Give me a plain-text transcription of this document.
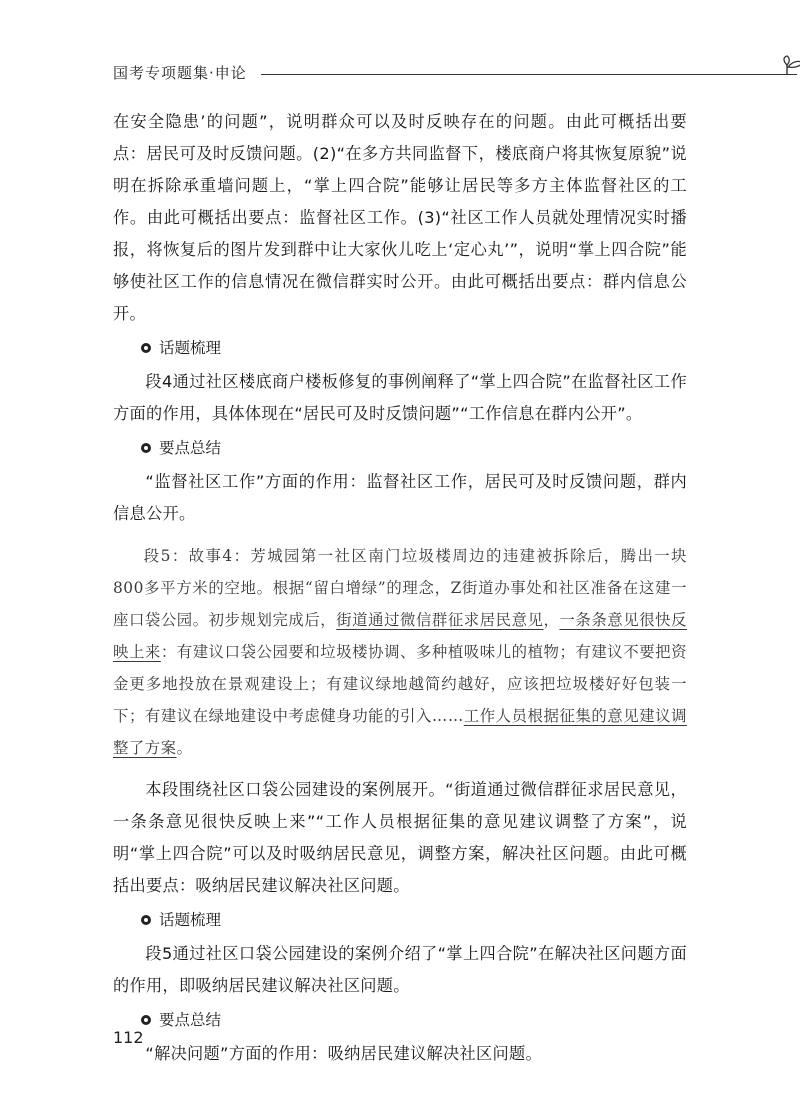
国考专项题集·申论

在安全隐患’的问题”，说明群众可以及时反映存在的问题。由此可概括出要点：居民可及时反馈问题。(2)“在多方共同监督下，楼底商户将其恢复原貌”说明在拆除承重墙问题上，“掌上四合院”能够让居民等多方主体监督社区的工作。由此可概括出要点：监督社区工作。(3)“社区工作人员就处理情况实时播报，将恢复后的图片发到群中让大家伙儿吃上‘定心丸’”，说明“掌上四合院”能够使社区工作的信息情况在微信群实时公开。由此可概括出要点：群内信息公开。

话题梳理

段4通过社区楼底商户楼板修复的事例阐释了“掌上四合院”在监督社区工作方面的作用，具体体现在“居民可及时反馈问题”“工作信息在群内公开”。

要点总结

“监督社区工作”方面的作用：监督社区工作，居民可及时反馈问题，群内信息公开。

段5：故事4：芳城园第一社区南门垃圾楼周边的违建被拆除后，腾出一块800多平方米的空地。根据“留白增绿”的理念，Z街道办事处和社区准备在这建一座口袋公园。初步规划完成后，街道通过微信群征求居民意见，一条条意见很快反映上来：有建议口袋公园要和垃圾楼协调、多种植吸味儿的植物；有建议不要把资金更多地投放在景观建设上；有建议绿地越简约越好，应该把垃圾楼好好包装一下；有建议在绿地建设中考虑健身功能的引入……工作人员根据征集的意见建议调整了方案。

本段围绕社区口袋公园建设的案例展开。“街道通过微信群征求居民意见，一条条意见很快反映上来”“工作人员根据征集的意见建议调整了方案”，说明“掌上四合院”可以及时吸纳居民意见，调整方案，解决社区问题。由此可概括出要点：吸纳居民建议解决社区问题。

话题梳理

段5通过社区口袋公园建设的案例介绍了“掌上四合院”在解决社区问题方面的作用，即吸纳居民建议解决社区问题。

要点总结

“解决问题”方面的作用：吸纳居民建议解决社区问题。

112
